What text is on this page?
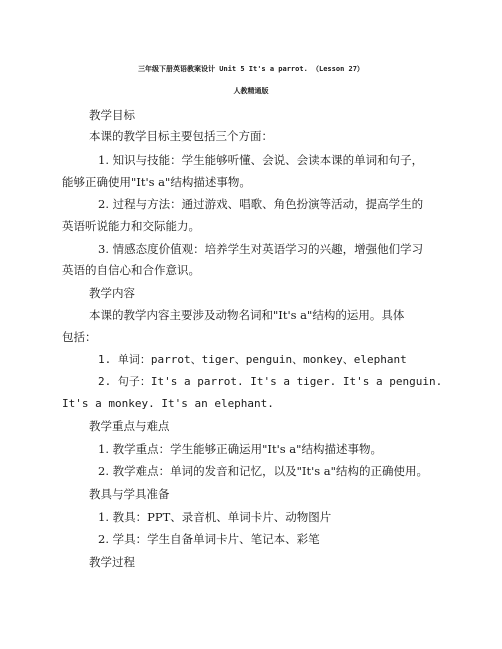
三年级下册英语教案设计 Unit 5 It's a parrot. （Lesson 27）
人教精通版
教学目标
本课的教学目标主要包括三个方面：
1. 知识与技能：学生能够听懂、会说、会读本课的单词和句子，
能够正确使用"It's a"结构描述事物。
2. 过程与方法：通过游戏、唱歌、角色扮演等活动，提高学生的
英语听说能力和交际能力。
3. 情感态度价值观：培养学生对英语学习的兴趣，增强他们学习
英语的自信心和合作意识。
教学内容
本课的教学内容主要涉及动物名词和"It's a"结构的运用。具体
包括：
1. 单词：parrot、tiger、penguin、monkey、elephant
2. 句子：It's a parrot. It's a tiger. It's a penguin.
It's a monkey. It's an elephant.
教学重点与难点
1. 教学重点：学生能够正确运用"It's a"结构描述事物。
2. 教学难点：单词的发音和记忆，以及"It's a"结构的正确使用。
教具与学具准备
1. 教具：PPT、录音机、单词卡片、动物图片
2. 学具：学生自备单词卡片、笔记本、彩笔
教学过程
